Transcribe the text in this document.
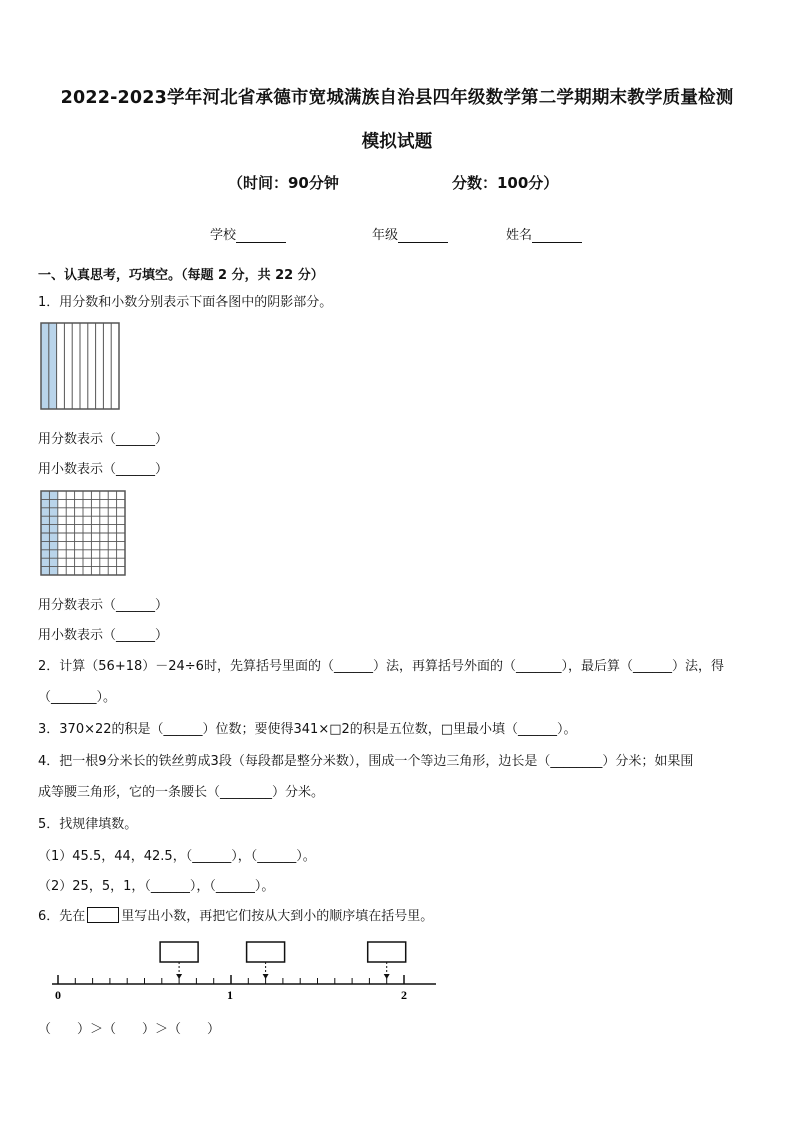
2022-2023学年河北省承德市宽城满族自治县四年级数学第二学期期末教学质量检测
模拟试题
（时间：90分钟	分数：100分）
学校	年级	姓名
一、认真思考，巧填空。（每题 2 分，共 22 分）
1．用分数和小数分别表示下面各图中的阴影部分。
用分数表示（______）
用小数表示（______）
用分数表示（______）
用小数表示（______）
2．计算（56+18）－24÷6时，先算括号里面的（______）法，再算括号外面的（_______），最后算（______）法，得
（_______）。
3．370×22的积是（______）位数；要使得341×□2的积是五位数，□里最小填（______）。
4．把一根9分米长的铁丝剪成3段（每段都是整分米数），围成一个等边三角形，边长是（________）分米；如果围
成等腰三角形，它的一条腰长（________）分米。
5．找规律填数。
（1）45.5，44，42.5，（______），（______）。
（2）25，5，1，（______），（______）。
6．先在	里写出小数，再把它们按从大到小的顺序填在括号里。
0	1	2
（　　）＞（　　）＞（　　）
